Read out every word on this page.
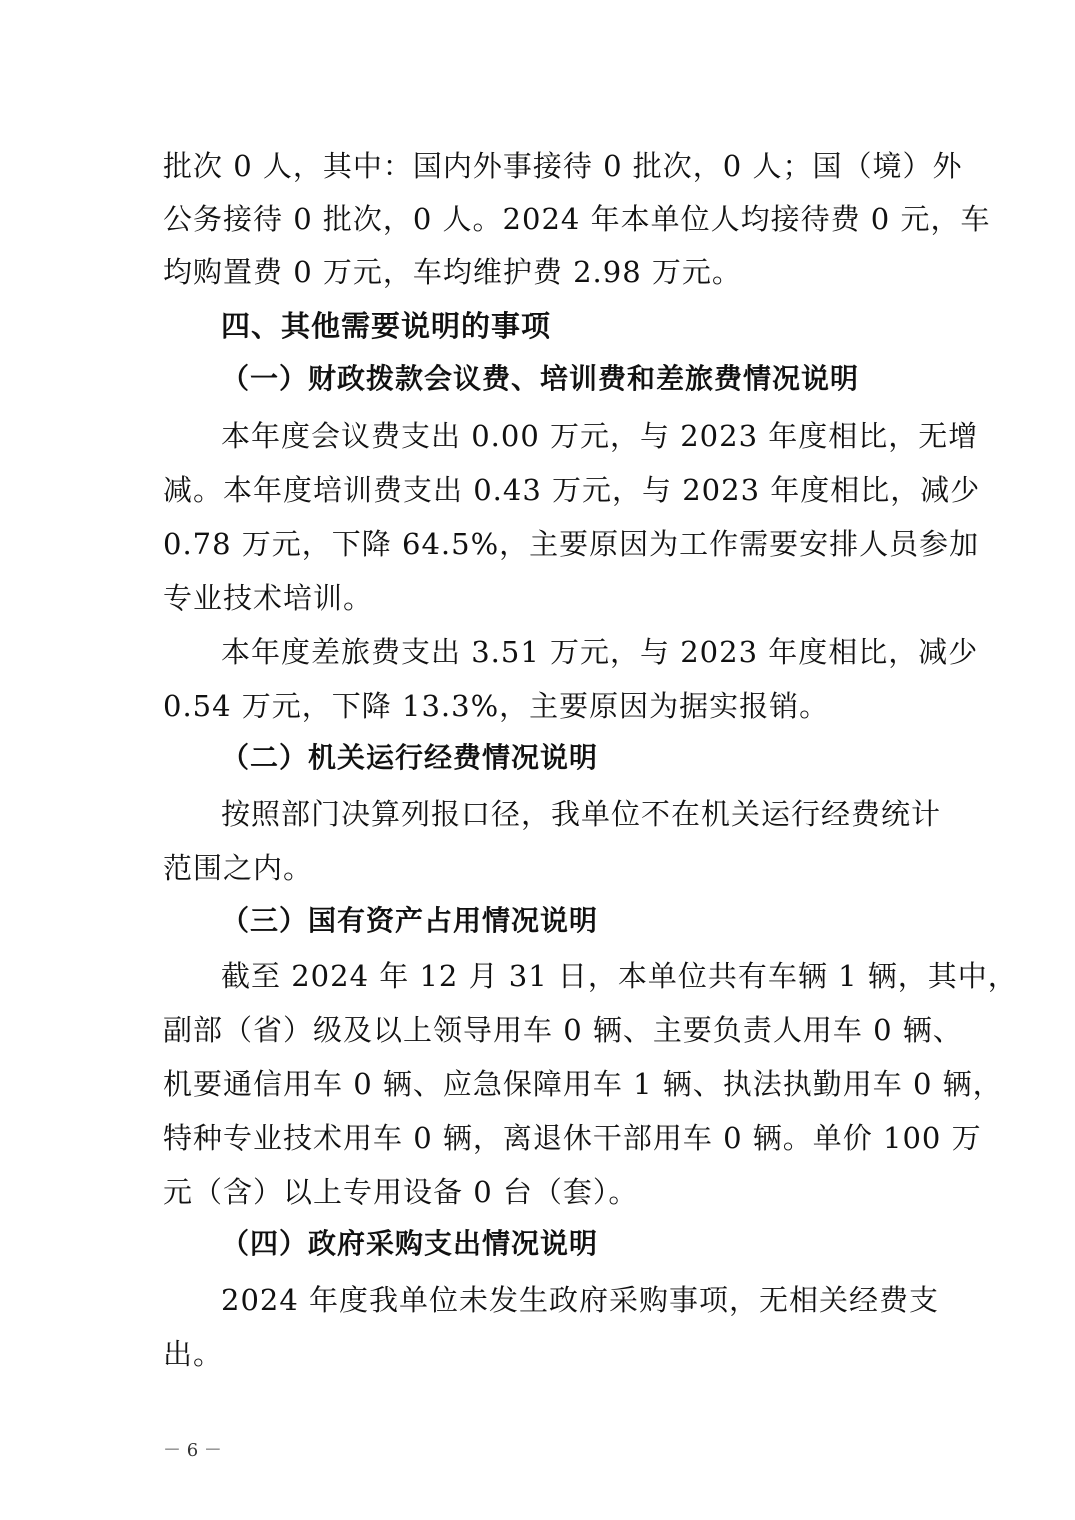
批次 0 人，其中：国内外事接待 0 批次，0 人；国（境）外
公务接待 0 批次，0 人。2024 年本单位人均接待费 0 元，车
均购置费 0 万元，车均维护费 2.98 万元。
四、其他需要说明的事项
（一）财政拨款会议费、培训费和差旅费情况说明
本年度会议费支出 0.00 万元，与 2023 年度相比，无增
减。本年度培训费支出 0.43 万元，与 2023 年度相比，减少
0.78 万元，下降 64.5%，主要原因为工作需要安排人员参加
专业技术培训。
本年度差旅费支出 3.51 万元，与 2023 年度相比，减少
0.54 万元，下降 13.3%，主要原因为据实报销。
（二）机关运行经费情况说明
按照部门决算列报口径，我单位不在机关运行经费统计
范围之内。
（三）国有资产占用情况说明
截至 2024 年 12 月 31 日，本单位共有车辆 1 辆，其中，
副部（省）级及以上领导用车 0 辆、主要负责人用车 0 辆、
机要通信用车 0 辆、应急保障用车 1 辆、执法执勤用车 0 辆，
特种专业技术用车 0 辆，离退休干部用车 0 辆。单价 100 万
元（含）以上专用设备 0 台（套）。
（四）政府采购支出情况说明
2024 年度我单位未发生政府采购事项，无相关经费支
出。
－ 6 －
